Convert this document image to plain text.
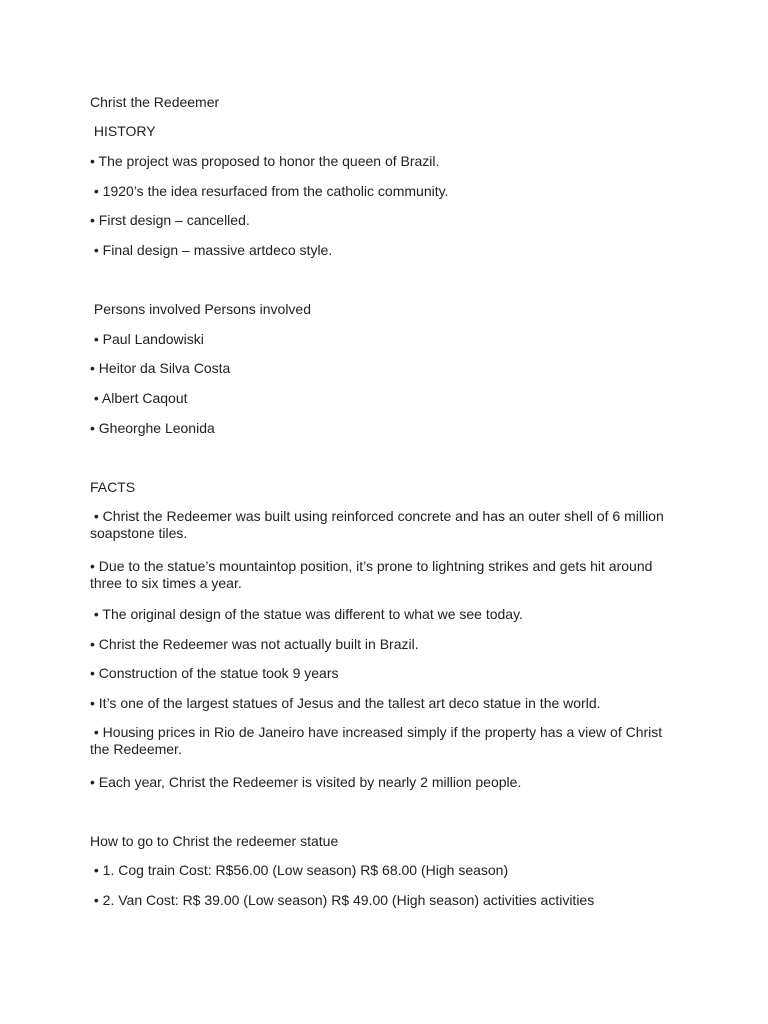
Christ the Redeemer
HISTORY
• The project was proposed to honor the queen of Brazil.
• 1920’s the idea resurfaced from the catholic community.
• First design – cancelled.
• Final design – massive artdeco style.
Persons involved Persons involved
• Paul Landowiski
• Heitor da Silva Costa
• Albert Caqout
• Gheorghe Leonida
FACTS
• Christ the Redeemer was built using reinforced concrete and has an outer shell of 6 million soapstone tiles.
• Due to the statue’s mountaintop position, it’s prone to lightning strikes and gets hit around three to six times a year.
• The original design of the statue was different to what we see today.
• Christ the Redeemer was not actually built in Brazil.
• Construction of the statue took 9 years
• It’s one of the largest statues of Jesus and the tallest art deco statue in the world.
• Housing prices in Rio de Janeiro have increased simply if the property has a view of Christ the Redeemer.
• Each year, Christ the Redeemer is visited by nearly 2 million people.
How to go to Christ the redeemer statue
• 1. Cog train Cost: R$56.00 (Low season) R$ 68.00 (High season)
• 2. Van Cost: R$ 39.00 (Low season) R$ 49.00 (High season) activities activities
